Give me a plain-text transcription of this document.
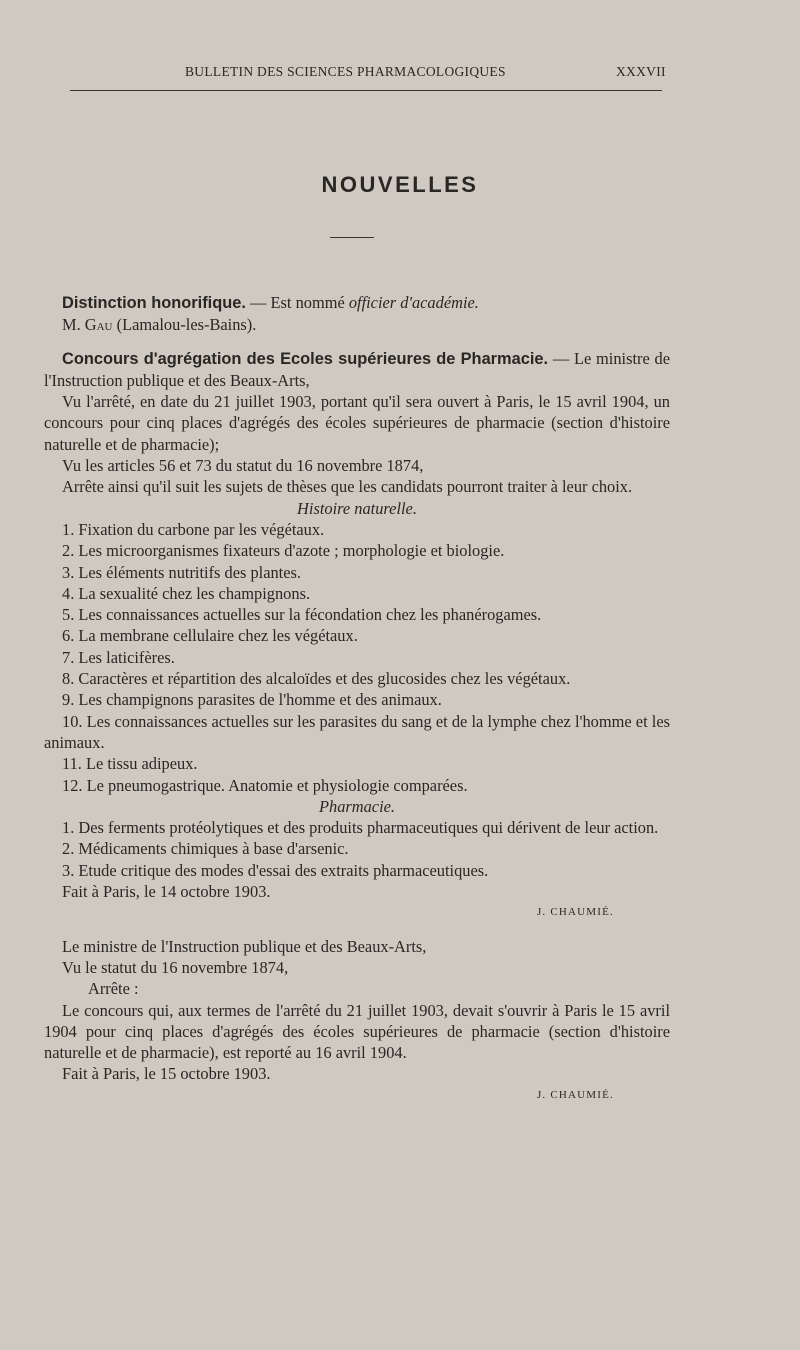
BULLETIN DES SCIENCES PHARMACOLOGIQUES	XXXVII
NOUVELLES

Distinction honorifique. — Est nommé officier d'académie.

M. Gau (Lamalou-les-Bains).

Concours d'agrégation des Ecoles supérieures de Pharmacie. — Le ministre de l'Instruction publique et des Beaux-Arts,

Vu l'arrêté, en date du 21 juillet 1903, portant qu'il sera ouvert à Paris, le 15 avril 1904, un concours pour cinq places d'agrégés des écoles supérieures de pharmacie (section d'histoire naturelle et de pharmacie);

Vu les articles 56 et 73 du statut du 16 novembre 1874,

Arrête ainsi qu'il suit les sujets de thèses que les candidats pourront traiter à leur choix.

Histoire naturelle.

1. Fixation du carbone par les végétaux.

2. Les microorganismes fixateurs d'azote ; morphologie et biologie.

3. Les éléments nutritifs des plantes.

4. La sexualité chez les champignons.

5. Les connaissances actuelles sur la fécondation chez les phanérogames.

6. La membrane cellulaire chez les végétaux.

7. Les laticifères.

8. Caractères et répartition des alcaloïdes et des glucosides chez les végétaux.

9. Les champignons parasites de l'homme et des animaux.

10. Les connaissances actuelles sur les parasites du sang et de la lymphe chez l'homme et les animaux.

11. Le tissu adipeux.

12. Le pneumogastrique. Anatomie et physiologie comparées.

Pharmacie.

1. Des ferments protéolytiques et des produits pharmaceutiques qui dérivent de leur action.

2. Médicaments chimiques à base d'arsenic.

3. Etude critique des modes d'essai des extraits pharmaceutiques.

Fait à Paris, le 14 octobre 1903.

J. CHAUMIÉ.

Le ministre de l'Instruction publique et des Beaux-Arts,

Vu le statut du 16 novembre 1874,

Arrête :

Le concours qui, aux termes de l'arrêté du 21 juillet 1903, devait s'ouvrir à Paris le 15 avril 1904 pour cinq places d'agrégés des écoles supérieures de pharmacie (section d'histoire naturelle et de pharmacie), est reporté au 16 avril 1904.

Fait à Paris, le 15 octobre 1903.

J. CHAUMIÉ.
